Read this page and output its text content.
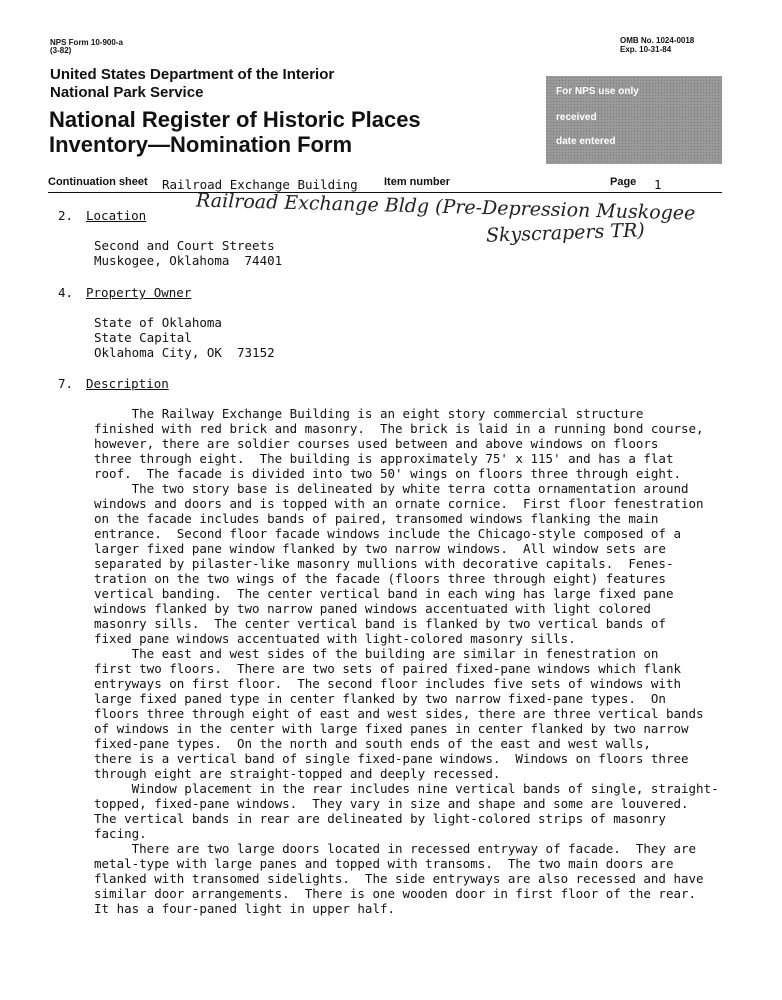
NPS Form 10-900-a
(3-82)
OMB No. 1024-0018
Exp. 10-31-84
United States Department of the Interior
National Park Service
National Register of Historic Places
Inventory—Nomination Form
For NPS use only
received
date entered
Continuation sheet Railroad Exchange Building Item number	Page 1
Railroad Exchange Bldg (Pre-Depression Muskogee
Skyscrapers TR)
2. Location
Second and Court Streets
Muskogee, Oklahoma  74401
4. Property Owner
State of Oklahoma
State Capital
Oklahoma City, OK  73152
7. Description
The Railway Exchange Building is an eight story commercial structure
finished with red brick and masonry.  The brick is laid in a running bond course,
however, there are soldier courses used between and above windows on floors
three through eight.  The building is approximately 75' x 115' and has a flat
roof.  The facade is divided into two 50' wings on floors three through eight.
The two story base is delineated by white terra cotta ornamentation around
windows and doors and is topped with an ornate cornice.  First floor fenestration
on the facade includes bands of paired, transomed windows flanking the main
entrance.  Second floor facade windows include the Chicago-style composed of a
larger fixed pane window flanked by two narrow windows.  All window sets are
separated by pilaster-like masonry mullions with decorative capitals.  Fenes-
tration on the two wings of the facade (floors three through eight) features
vertical banding.  The center vertical band in each wing has large fixed pane
windows flanked by two narrow paned windows accentuated with light colored
masonry sills.  The center vertical band is flanked by two vertical bands of
fixed pane windows accentuated with light-colored masonry sills.
The east and west sides of the building are similar in fenestration on
first two floors.  There are two sets of paired fixed-pane windows which flank
entryways on first floor.  The second floor includes five sets of windows with
large fixed paned type in center flanked by two narrow fixed-pane types.  On
floors three through eight of east and west sides, there are three vertical bands
of windows in the center with large fixed panes in center flanked by two narrow
fixed-pane types.  On the north and south ends of the east and west walls,
there is a vertical band of single fixed-pane windows.  Windows on floors three
through eight are straight-topped and deeply recessed.
Window placement in the rear includes nine vertical bands of single, straight-
topped, fixed-pane windows.  They vary in size and shape and some are louvered.
The vertical bands in rear are delineated by light-colored strips of masonry
facing.
There are two large doors located in recessed entryway of facade.  They are
metal-type with large panes and topped with transoms.  The two main doors are
flanked with transomed sidelights.  The side entryways are also recessed and have
similar door arrangements.  There is one wooden door in first floor of the rear.
It has a four-paned light in upper half.
